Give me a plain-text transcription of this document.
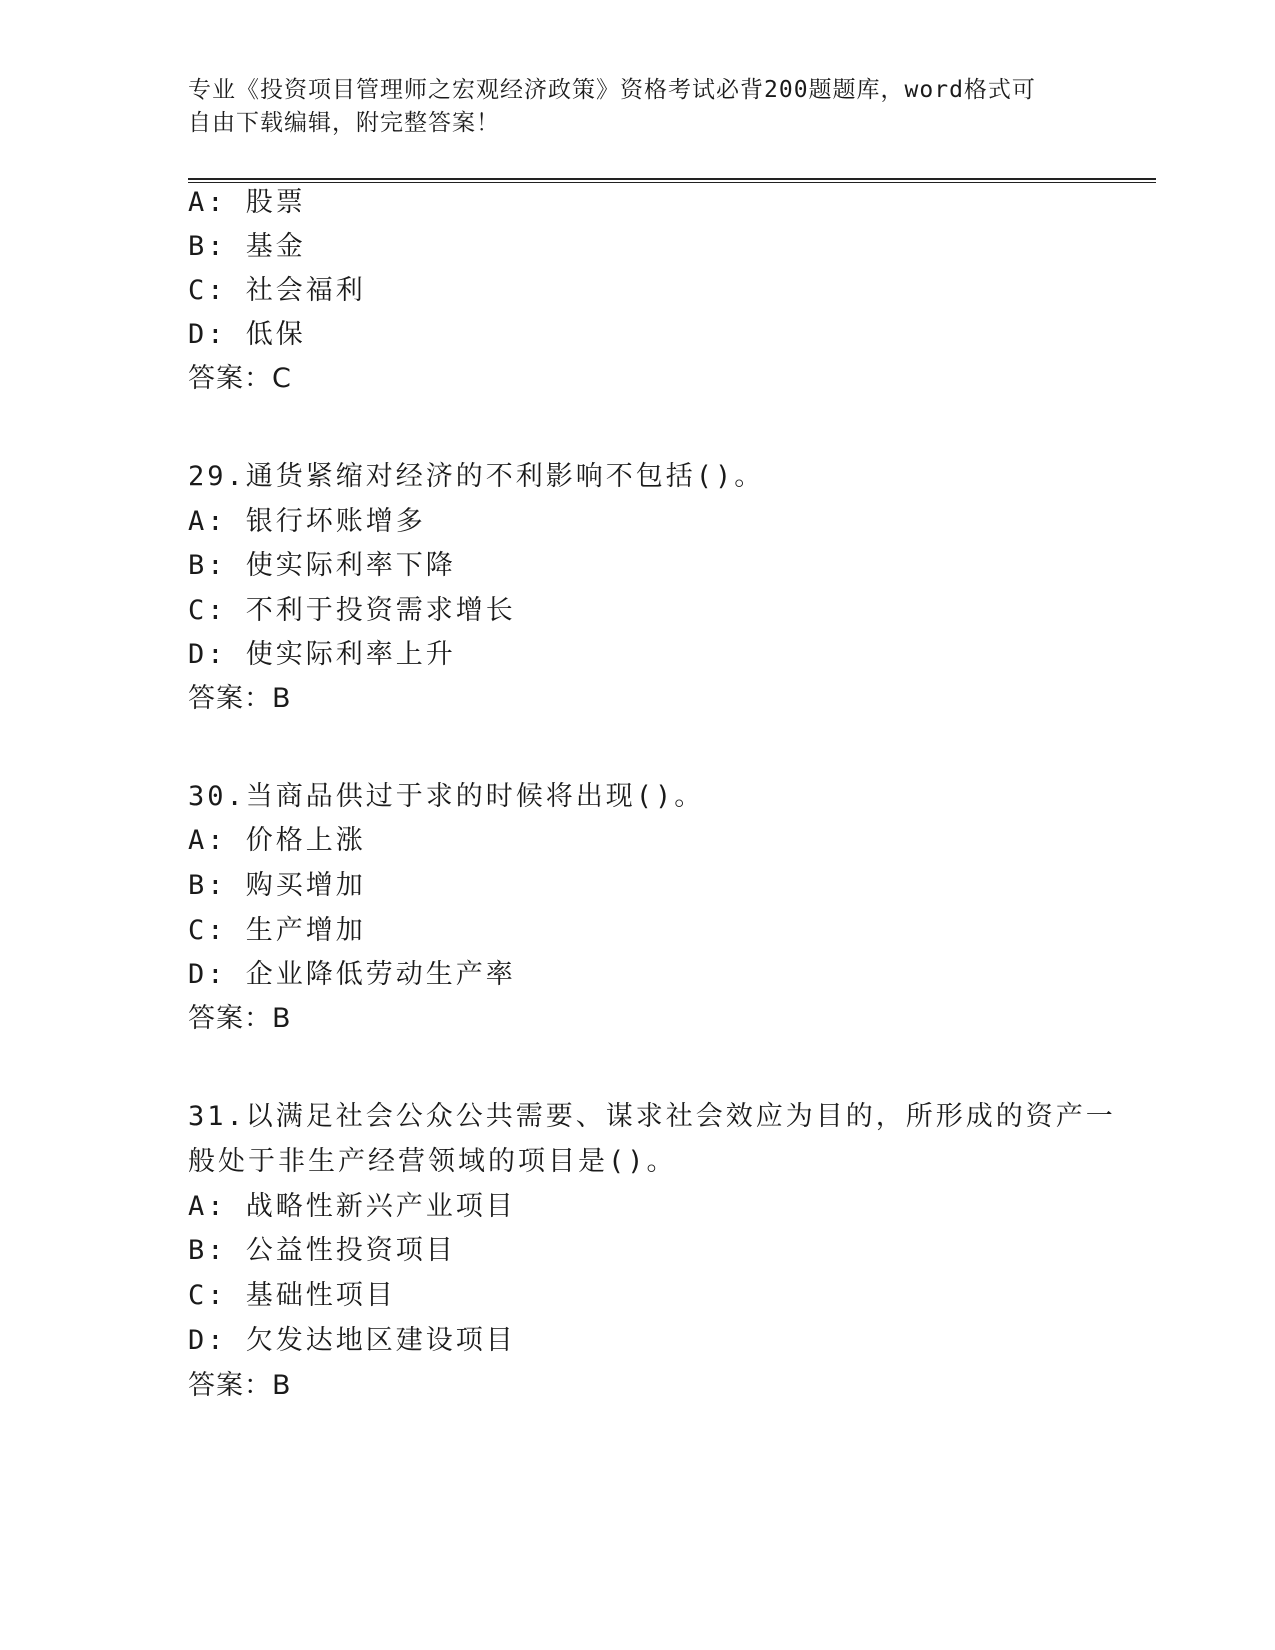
专业《投资项目管理师之宏观经济政策》资格考试必背200题题库，word格式可
自由下载编辑，附完整答案！
A: 股票
B: 基金
C: 社会福利
D: 低保
答案：C
29.通货紧缩对经济的不利影响不包括()。
A: 银行坏账增多
B: 使实际利率下降
C: 不利于投资需求增长
D: 使实际利率上升
答案：B
30.当商品供过于求的时候将出现()。
A: 价格上涨
B: 购买增加
C: 生产增加
D: 企业降低劳动生产率
答案：B
31.以满足社会公众公共需要、谋求社会效应为目的，所形成的资产一
般处于非生产经营领域的项目是()。
A: 战略性新兴产业项目
B: 公益性投资项目
C: 基础性项目
D: 欠发达地区建设项目
答案：B
